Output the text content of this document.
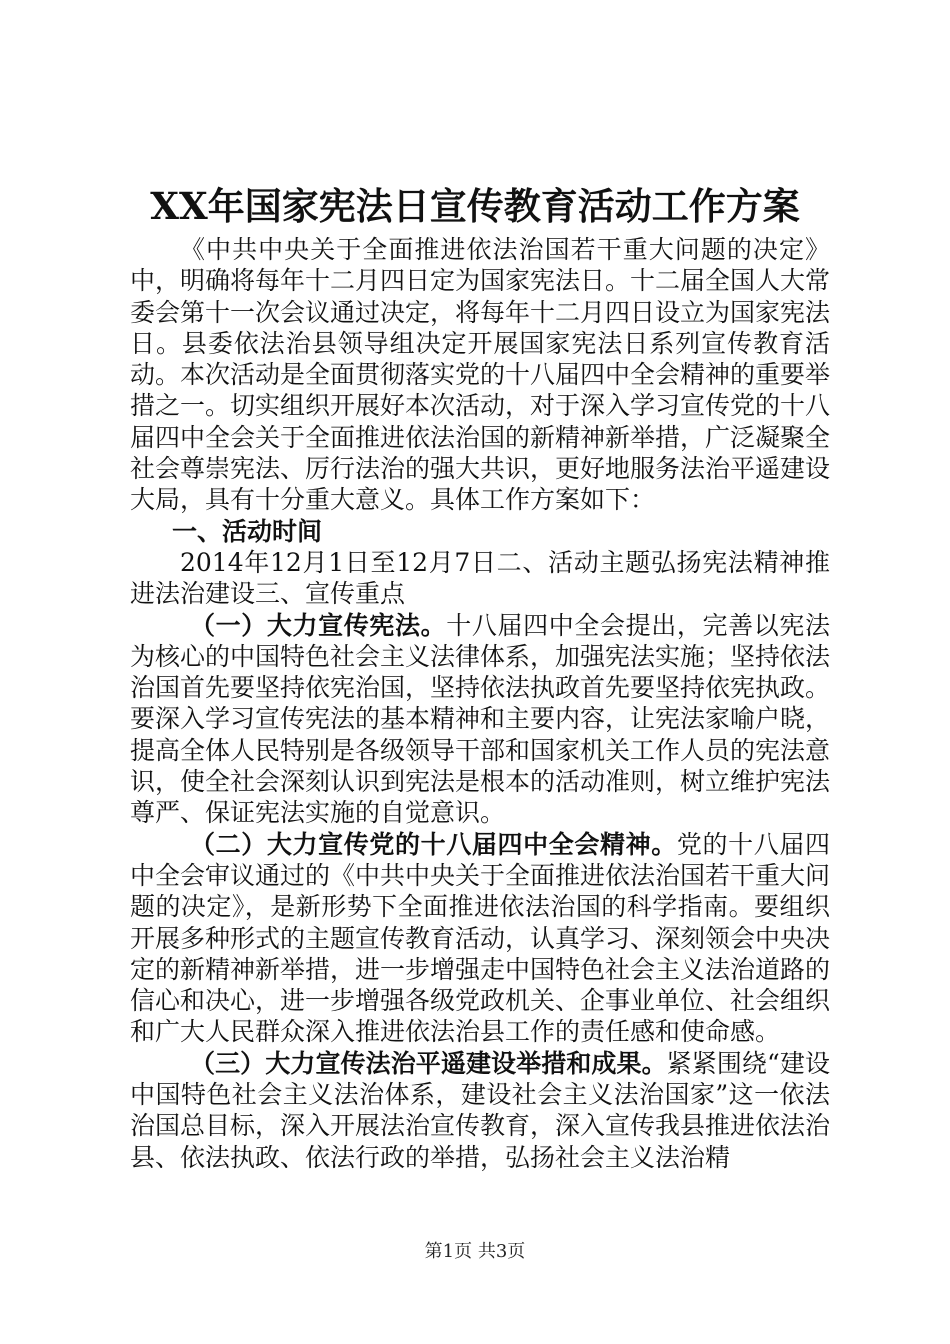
XX年国家宪法日宣传教育活动工作方案

《中共中央关于全面推进依法治国若干重大问题的决定》中，明确将每年十二月四日定为国家宪法日。十二届全国人大常委会第十一次会议通过决定，将每年十二月四日设立为国家宪法日。县委依法治县领导组决定开展国家宪法日系列宣传教育活动。本次活动是全面贯彻落实党的十八届四中全会精神的重要举措之一。切实组织开展好本次活动，对于深入学习宣传党的十八届四中全会关于全面推进依法治国的新精神新举措，广泛凝聚全社会尊崇宪法、厉行法治的强大共识，更好地服务法治平遥建设大局，具有十分重大意义。具体工作方案如下：

一、活动时间

2014年12月1日至12月7日二、活动主题弘扬宪法精神推进法治建设三、宣传重点

（一）大力宣传宪法。十八届四中全会提出，完善以宪法为核心的中国特色社会主义法律体系，加强宪法实施；坚持依法治国首先要坚持依宪治国，坚持依法执政首先要坚持依宪执政。要深入学习宣传宪法的基本精神和主要内容，让宪法家喻户晓，提高全体人民特别是各级领导干部和国家机关工作人员的宪法意识，使全社会深刻认识到宪法是根本的活动准则，树立维护宪法尊严、保证宪法实施的自觉意识。

（二）大力宣传党的十八届四中全会精神。党的十八届四中全会审议通过的《中共中央关于全面推进依法治国若干重大问题的决定》，是新形势下全面推进依法治国的科学指南。要组织开展多种形式的主题宣传教育活动，认真学习、深刻领会中央决定的新精神新举措，进一步增强走中国特色社会主义法治道路的信心和决心，进一步增强各级党政机关、企事业单位、社会组织和广大人民群众深入推进依法治县工作的责任感和使命感。

（三）大力宣传法治平遥建设举措和成果。紧紧围绕“建设中国特色社会主义法治体系，建设社会主义法治国家”这一依法治国总目标，深入开展法治宣传教育，深入宣传我县推进依法治县、依法执政、依法行政的举措，弘扬社会主义法治精

第1页 共3页
